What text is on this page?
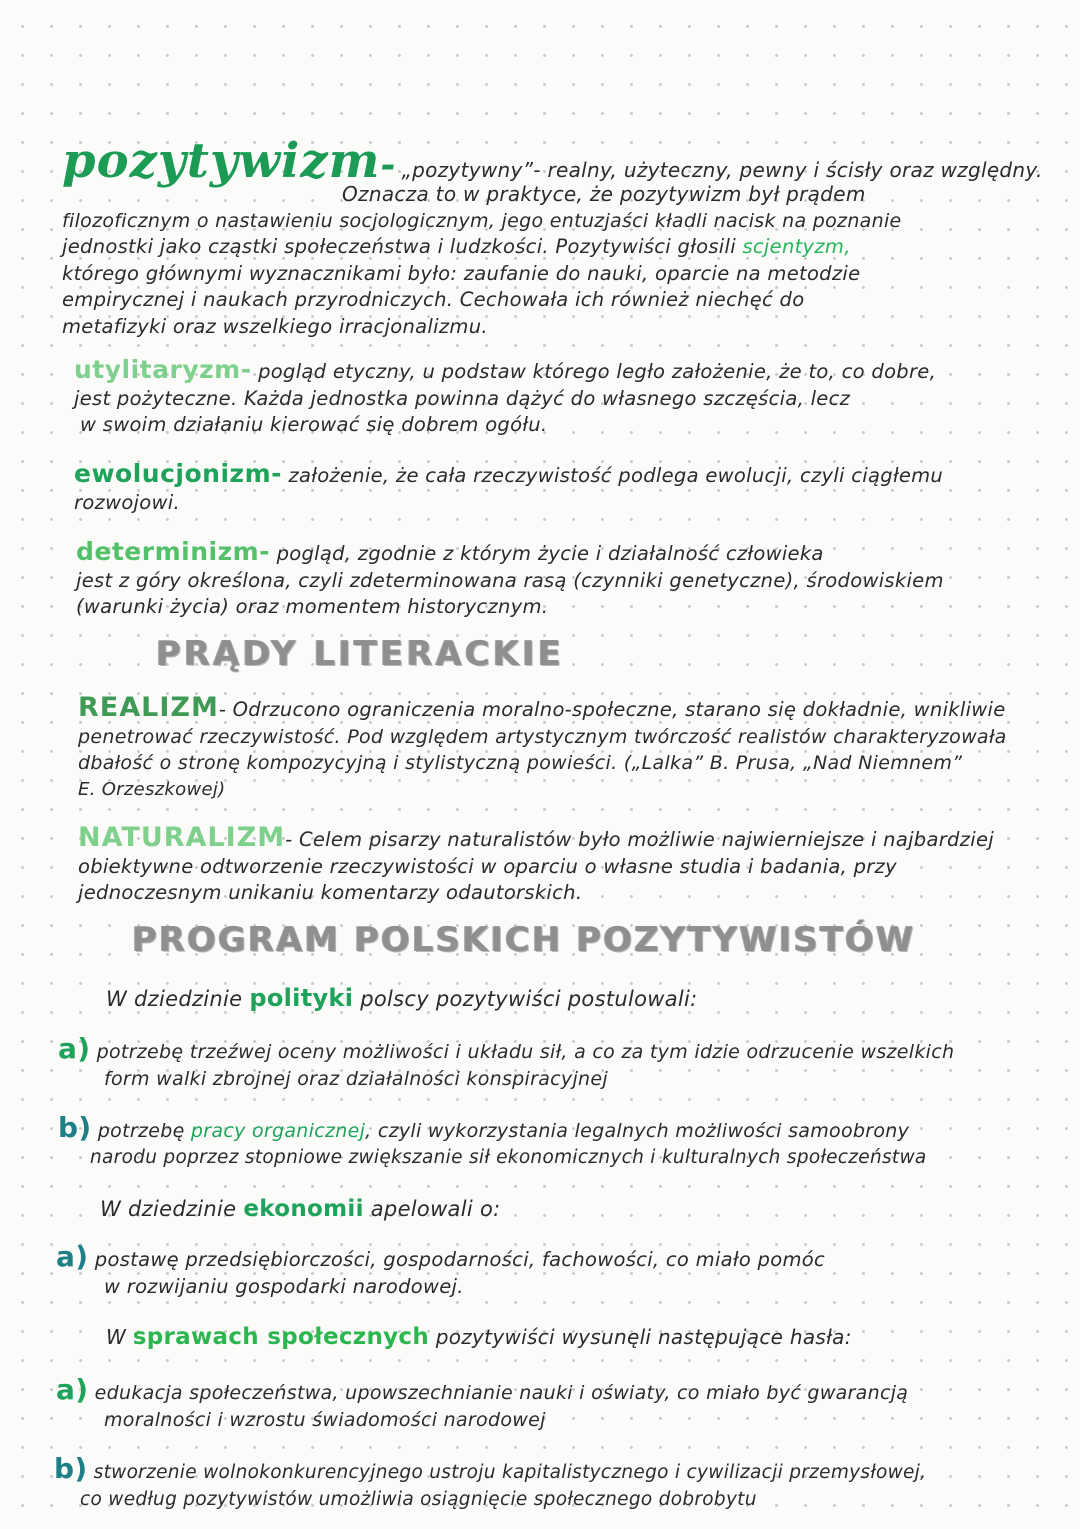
pozytywizm- „pozytywny”- realny, użyteczny, pewny i ścisły oraz względny.
Oznacza to w praktyce, że pozytywizm był prądem
filozoficznym o nastawieniu socjologicznym, jego entuzjaści kładli nacisk na poznanie
jednostki jako cząstki społeczeństwa i ludzkości. Pozytywiści głosili scjentyzm,
którego głównymi wyznacznikami było: zaufanie do nauki, oparcie na metodzie
empirycznej i naukach przyrodniczych. Cechowała ich również niechęć do
metafizyki oraz wszelkiego irracjonalizmu.
utylitaryzm- pogląd etyczny, u podstaw którego legło założenie, że to, co dobre,
jest pożyteczne. Każda jednostka powinna dążyć do własnego szczęścia, lecz
w swoim działaniu kierować się dobrem ogółu.
ewolucjonizm- założenie, że cała rzeczywistość podlega ewolucji, czyli ciągłemu
rozwojowi.
determinizm- pogląd, zgodnie z którym życie i działalność człowieka
jest z góry określona, czyli zdeterminowana rasą (czynniki genetyczne), środowiskiem
(warunki życia) oraz momentem historycznym.
PRĄDY LITERACKIE
REALIZM- Odrzucono ograniczenia moralno-społeczne, starano się dokładnie, wnikliwie
penetrować rzeczywistość. Pod względem artystycznym twórczość realistów charakteryzowała
dbałość o stronę kompozycyjną i stylistyczną powieści. („Lalka” B. Prusa, „Nad Niemnem”
E. Orzeszkowej)
NATURALIZM- Celem pisarzy naturalistów było możliwie najwierniejsze i najbardziej
obiektywne odtworzenie rzeczywistości w oparciu o własne studia i badania, przy
jednoczesnym unikaniu komentarzy odautorskich.
PROGRAM POLSKICH POZYTYWISTÓW
W dziedzinie polityki polscy pozytywiści postulowali:
a) potrzebę trzeźwej oceny możliwości i układu sił, a co za tym idzie odrzucenie wszelkich
form walki zbrojnej oraz działalności konspiracyjnej
b) potrzebę pracy organicznej, czyli wykorzystania legalnych możliwości samoobrony
narodu poprzez stopniowe zwiększanie sił ekonomicznych i kulturalnych społeczeństwa
W dziedzinie ekonomii apelowali o:
a) postawę przedsiębiorczości, gospodarności, fachowości, co miało pomóc
w rozwijaniu gospodarki narodowej.
W sprawach społecznych pozytywiści wysunęli następujące hasła:
a) edukacja społeczeństwa, upowszechnianie nauki i oświaty, co miało być gwarancją
moralności i wzrostu świadomości narodowej
b) stworzenie wolnokonkurencyjnego ustroju kapitalistycznego i cywilizacji przemysłowej,
co według pozytywistów umożliwia osiągnięcie społecznego dobrobytu
